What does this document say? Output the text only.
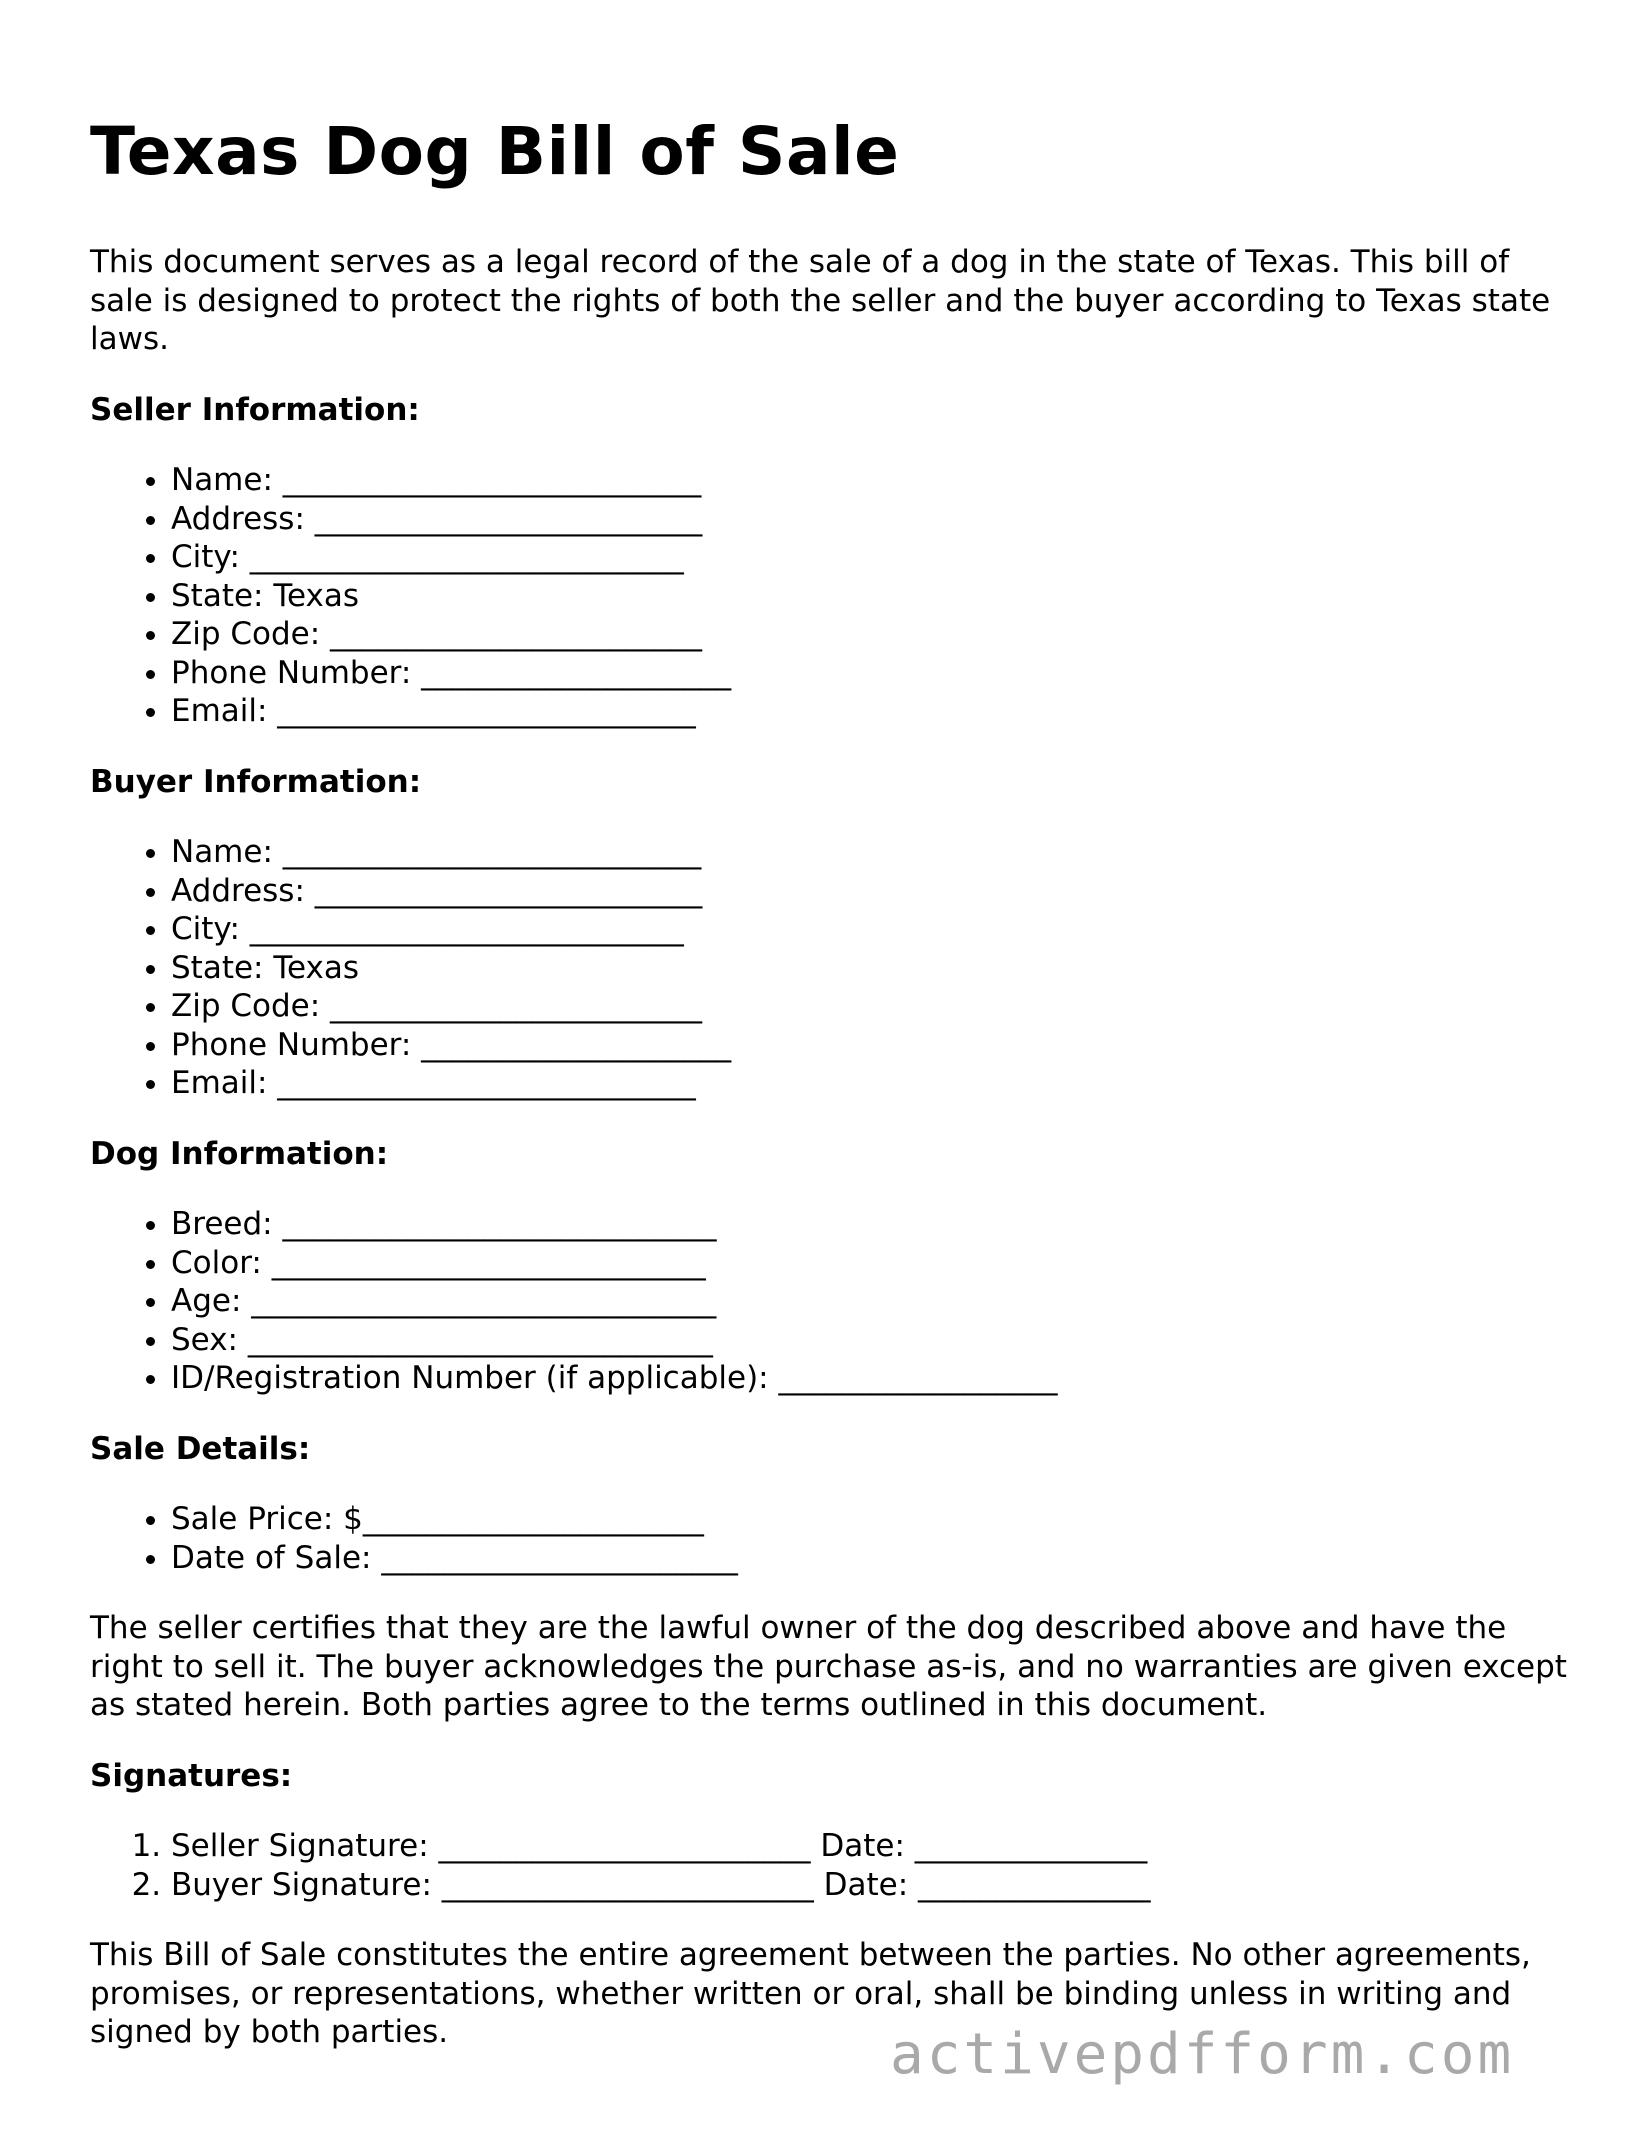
Texas Dog Bill of Sale

This document serves as a legal record of the sale of a dog in the state of Texas. This bill of sale is designed to protect the rights of both the seller and the buyer according to Texas state laws.

Seller Information:
• Name: ___________________________
• Address: _________________________
• City: ____________________________
• State: Texas
• Zip Code: ________________________
• Phone Number: ____________________
• Email: ___________________________
Buyer Information:
• Name: ___________________________
• Address: _________________________
• City: ____________________________
• State: Texas
• Zip Code: ________________________
• Phone Number: ____________________
• Email: ___________________________
Dog Information:
• Breed: ____________________________
• Color: ____________________________
• Age: ______________________________
• Sex: ______________________________
• ID/Registration Number (if applicable): __________________
Sale Details:
• Sale Price: $______________________
• Date of Sale: _______________________

The seller certifies that they are the lawful owner of the dog described above and have the right to sell it. The buyer acknowledges the purchase as-is, and no warranties are given except as stated herein. Both parties agree to the terms outlined in this document.

Signatures:
1. Seller Signature: ________________________ Date: _______________
2. Buyer Signature: ________________________ Date: _______________

This Bill of Sale constitutes the entire agreement between the parties. No other agreements, promises, or representations, whether written or oral, shall be binding unless in writing and signed by both parties.	activepdfform.com
